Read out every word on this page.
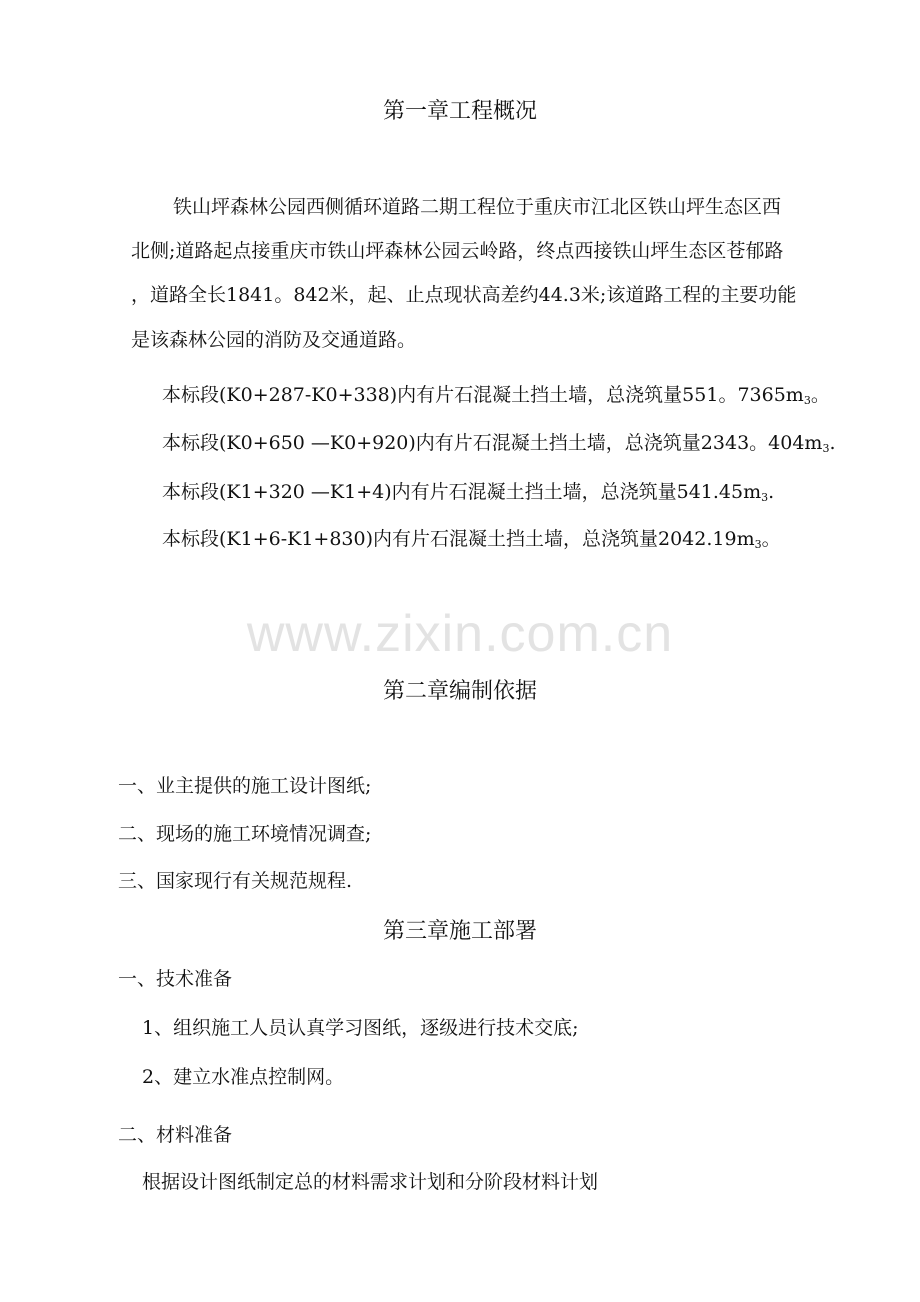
第一章工程概况
铁山坪森林公园西侧循环道路二期工程位于重庆市江北区铁山坪生态区西
北侧;道路起点接重庆市铁山坪森林公园云岭路，终点西接铁山坪生态区苍郁路
，道路全长1841。842米，起、止点现状高差约44.3米;该道路工程的主要功能
是该森林公园的消防及交通道路。
本标段(K0+287-K0+338)内有片石混凝土挡土墙，总浇筑量551。7365m3。
本标段(K0+650 —K0+920)内有片石混凝土挡土墙，总浇筑量2343。404m3.
本标段(K1+320 —K1+4)内有片石混凝土挡土墙，总浇筑量541.45m3.
本标段(K1+6-K1+830)内有片石混凝土挡土墙，总浇筑量2042.19m3。
www.zixin.com.cn
第二章编制依据
一、业主提供的施工设计图纸;
二、现场的施工环境情况调查;
三、国家现行有关规范规程.
第三章施工部署
一、技术准备
1、组织施工人员认真学习图纸，逐级进行技术交底;
2、建立水准点控制网。
二、材料准备
根据设计图纸制定总的材料需求计划和分阶段材料计划
